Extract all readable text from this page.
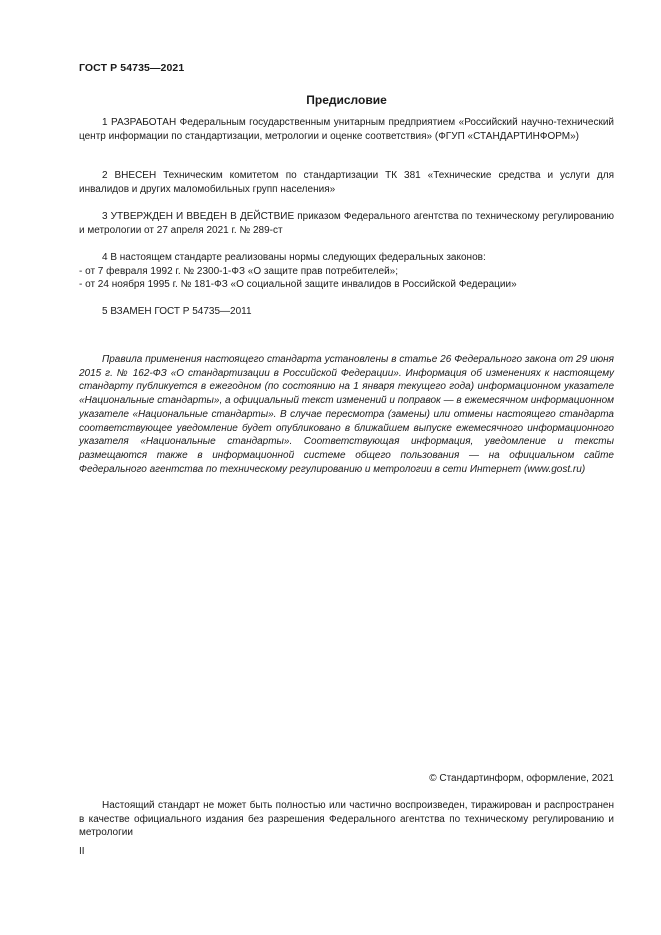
ГОСТ Р 54735—2021
Предисловие

1 РАЗРАБОТАН Федеральным государственным унитарным предприятием «Российский научно-технический центр информации по стандартизации, метрологии и оценке соответствия» (ФГУП «СТАНДАРТИНФОРМ»)

2 ВНЕСЕН Техническим комитетом по стандартизации ТК 381 «Технические средства и услуги для инвалидов и других маломобильных групп населения»

3 УТВЕРЖДЕН И ВВЕДЕН В ДЕЙСТВИЕ приказом Федерального агентства по техническому регулированию и метрологии от 27 апреля 2021 г. № 289-ст

4 В настоящем стандарте реализованы нормы следующих федеральных законов:
- от 7 февраля 1992 г. № 2300-1-ФЗ «О защите прав потребителей»;
- от 24 ноября 1995 г. № 181-ФЗ «О социальной защите инвалидов в Российской Федерации»

5 ВЗАМЕН ГОСТ Р 54735—2011

Правила применения настоящего стандарта установлены в статье 26 Федерального закона от 29 июня 2015 г. № 162-ФЗ «О стандартизации в Российской Федерации». Информация об изменениях к настоящему стандарту публикуется в ежегодном (по состоянию на 1 января текущего года) информационном указателе «Национальные стандарты», а официальный текст изменений и поправок — в ежемесячном информационном указателе «Национальные стандарты». В случае пересмотра (замены) или отмены настоящего стандарта соответствующее уведомление будет опубликовано в ближайшем выпуске ежемесячного информационного указателя «Национальные стандарты». Соответствующая информация, уведомление и тексты размещаются также в информационной системе общего пользования — на официальном сайте Федерального агентства по техническому регулированию и метрологии в сети Интернет (www.gost.ru)

© Стандартинформ, оформление, 2021

Настоящий стандарт не может быть полностью или частично воспроизведен, тиражирован и распространен в качестве официального издания без разрешения Федерального агентства по техническому регулированию и метрологии

II
